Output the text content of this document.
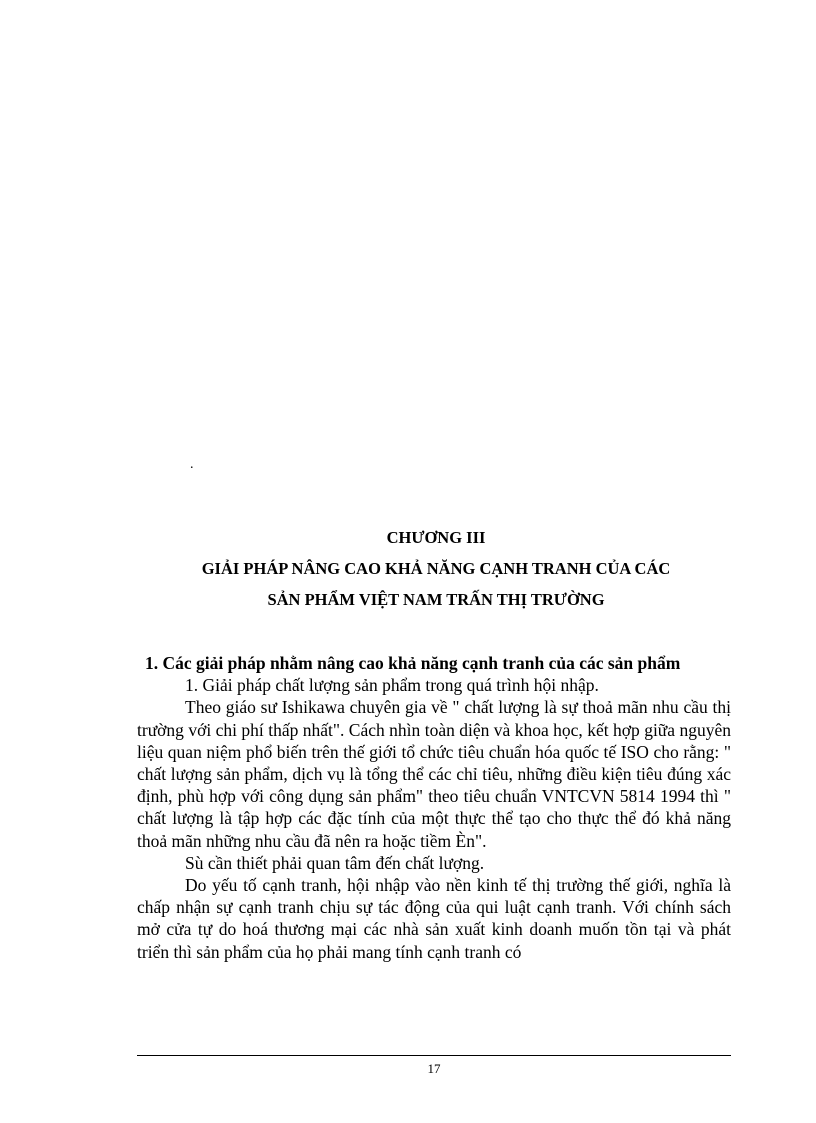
.
CHƯƠNG III
GIẢI PHÁP NÂNG CAO KHẢ NĂNG CẠNH TRANH CỦA CÁC
SẢN PHẨM VIỆT NAM TRẤN THỊ TRƯỜNG
1. Các giải pháp nhằm nâng cao khả năng cạnh tranh của các sản phẩm

1. Giải pháp chất lượng sản phẩm trong quá trình hội nhập.

Theo giáo sư Ishikawa chuyên gia về " chất lượng là sự thoả mãn nhu cầu thị trường với chi phí thấp nhất". Cách nhìn toàn diện và khoa học, kết hợp giữa nguyên liệu quan niệm phổ biến trên thế giới tổ chức tiêu chuẩn hóa quốc tế ISO cho rằng: " chất lượng sản phẩm, dịch vụ là tổng thể các chỉ tiêu, những điều kiện tiêu đúng xác định, phù hợp với công dụng sản phẩm" theo tiêu chuẩn VNTCVN 5814 1994 thì " chất lượng là tập hợp các đặc tính của một thực thể tạo cho thực thể đó khả năng thoả mãn những nhu cầu đã nên ra hoặc tiềm Èn".

Sù cần thiết phải quan tâm đến chất lượng.

Do yếu tố cạnh tranh, hội nhập vào nền kinh tế thị trường thế giới, nghĩa là chấp nhận sự cạnh tranh chịu sự tác động của qui luật cạnh tranh. Với chính sách mở cửa tự do hoá thương mại các nhà sản xuất kinh doanh muốn tồn tại và phát triển thì sản phẩm của họ phải mang tính cạnh tranh có

17
